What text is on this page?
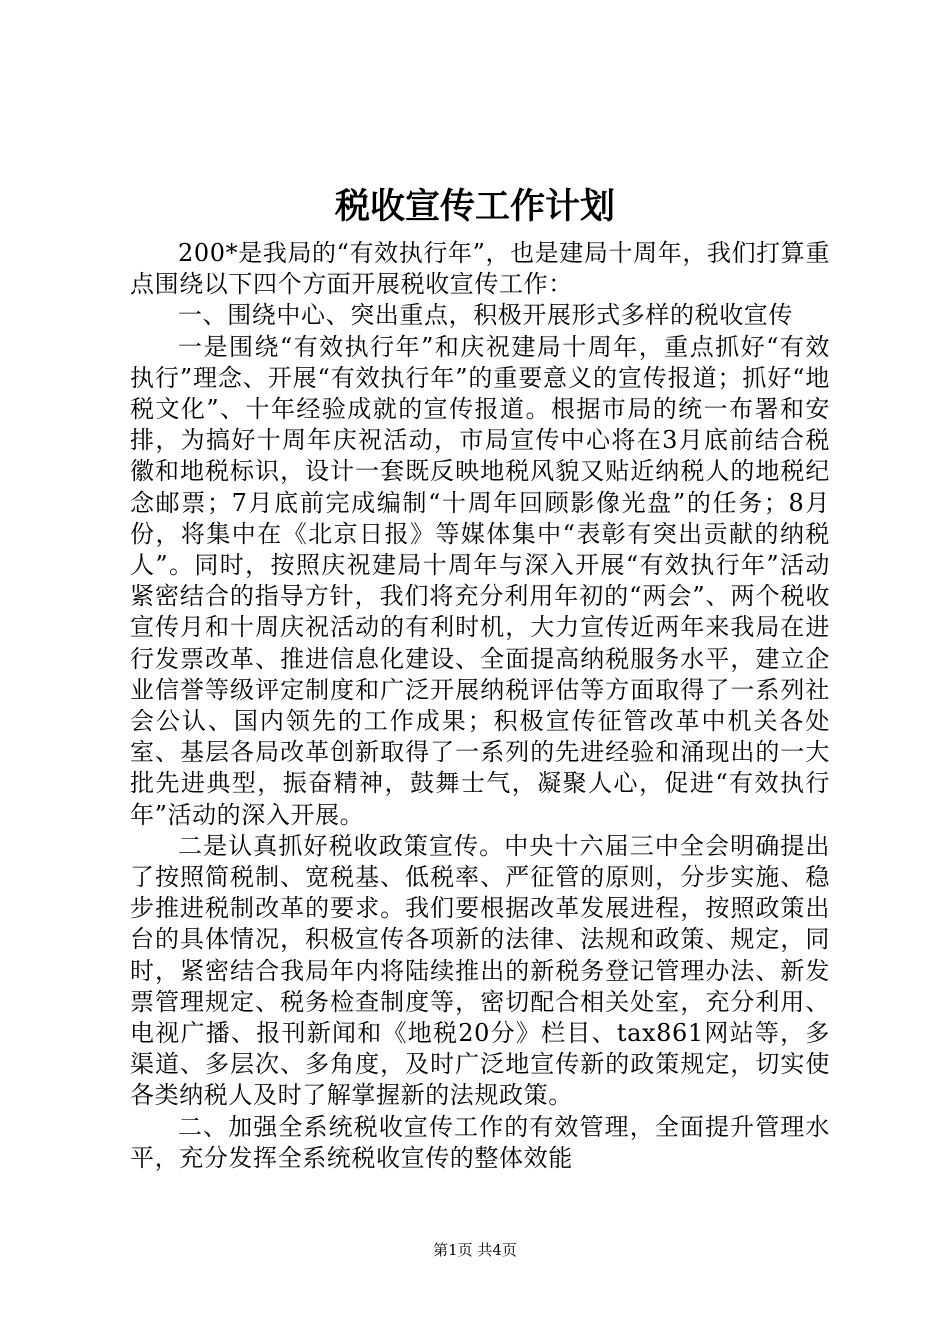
税收宣传工作计划

200*是我局的“有效执行年”，也是建局十周年，我们打算重点围绕以下四个方面开展税收宣传工作：

一、围绕中心、突出重点，积极开展形式多样的税收宣传

一是围绕“有效执行年”和庆祝建局十周年，重点抓好“有效执行”理念、开展“有效执行年”的重要意义的宣传报道；抓好“地税文化”、十年经验成就的宣传报道。根据市局的统一布署和安排，为搞好十周年庆祝活动，市局宣传中心将在3月底前结合税徽和地税标识，设计一套既反映地税风貌又贴近纳税人的地税纪念邮票；7月底前完成编制“十周年回顾影像光盘”的任务；8月份，将集中在《北京日报》等媒体集中“表彰有突出贡献的纳税人”。同时，按照庆祝建局十周年与深入开展“有效执行年”活动紧密结合的指导方针，我们将充分利用年初的“两会”、两个税收宣传月和十周庆祝活动的有利时机，大力宣传近两年来我局在进行发票改革、推进信息化建设、全面提高纳税服务水平，建立企业信誉等级评定制度和广泛开展纳税评估等方面取得了一系列社会公认、国内领先的工作成果；积极宣传征管改革中机关各处室、基层各局改革创新取得了一系列的先进经验和涌现出的一大批先进典型，振奋精神，鼓舞士气，凝聚人心，促进“有效执行年”活动的深入开展。

二是认真抓好税收政策宣传。中央十六届三中全会明确提出了按照简税制、宽税基、低税率、严征管的原则，分步实施、稳步推进税制改革的要求。我们要根据改革发展进程，按照政策出台的具体情况，积极宣传各项新的法律、法规和政策、规定，同时，紧密结合我局年内将陆续推出的新税务登记管理办法、新发票管理规定、税务检查制度等，密切配合相关处室，充分利用、电视广播、报刊新闻和《地税20分》栏目、tax861网站等，多渠道、多层次、多角度，及时广泛地宣传新的政策规定，切实使各类纳税人及时了解掌握新的法规政策。

二、加强全系统税收宣传工作的有效管理，全面提升管理水平，充分发挥全系统税收宣传的整体效能

第1页 共4页
